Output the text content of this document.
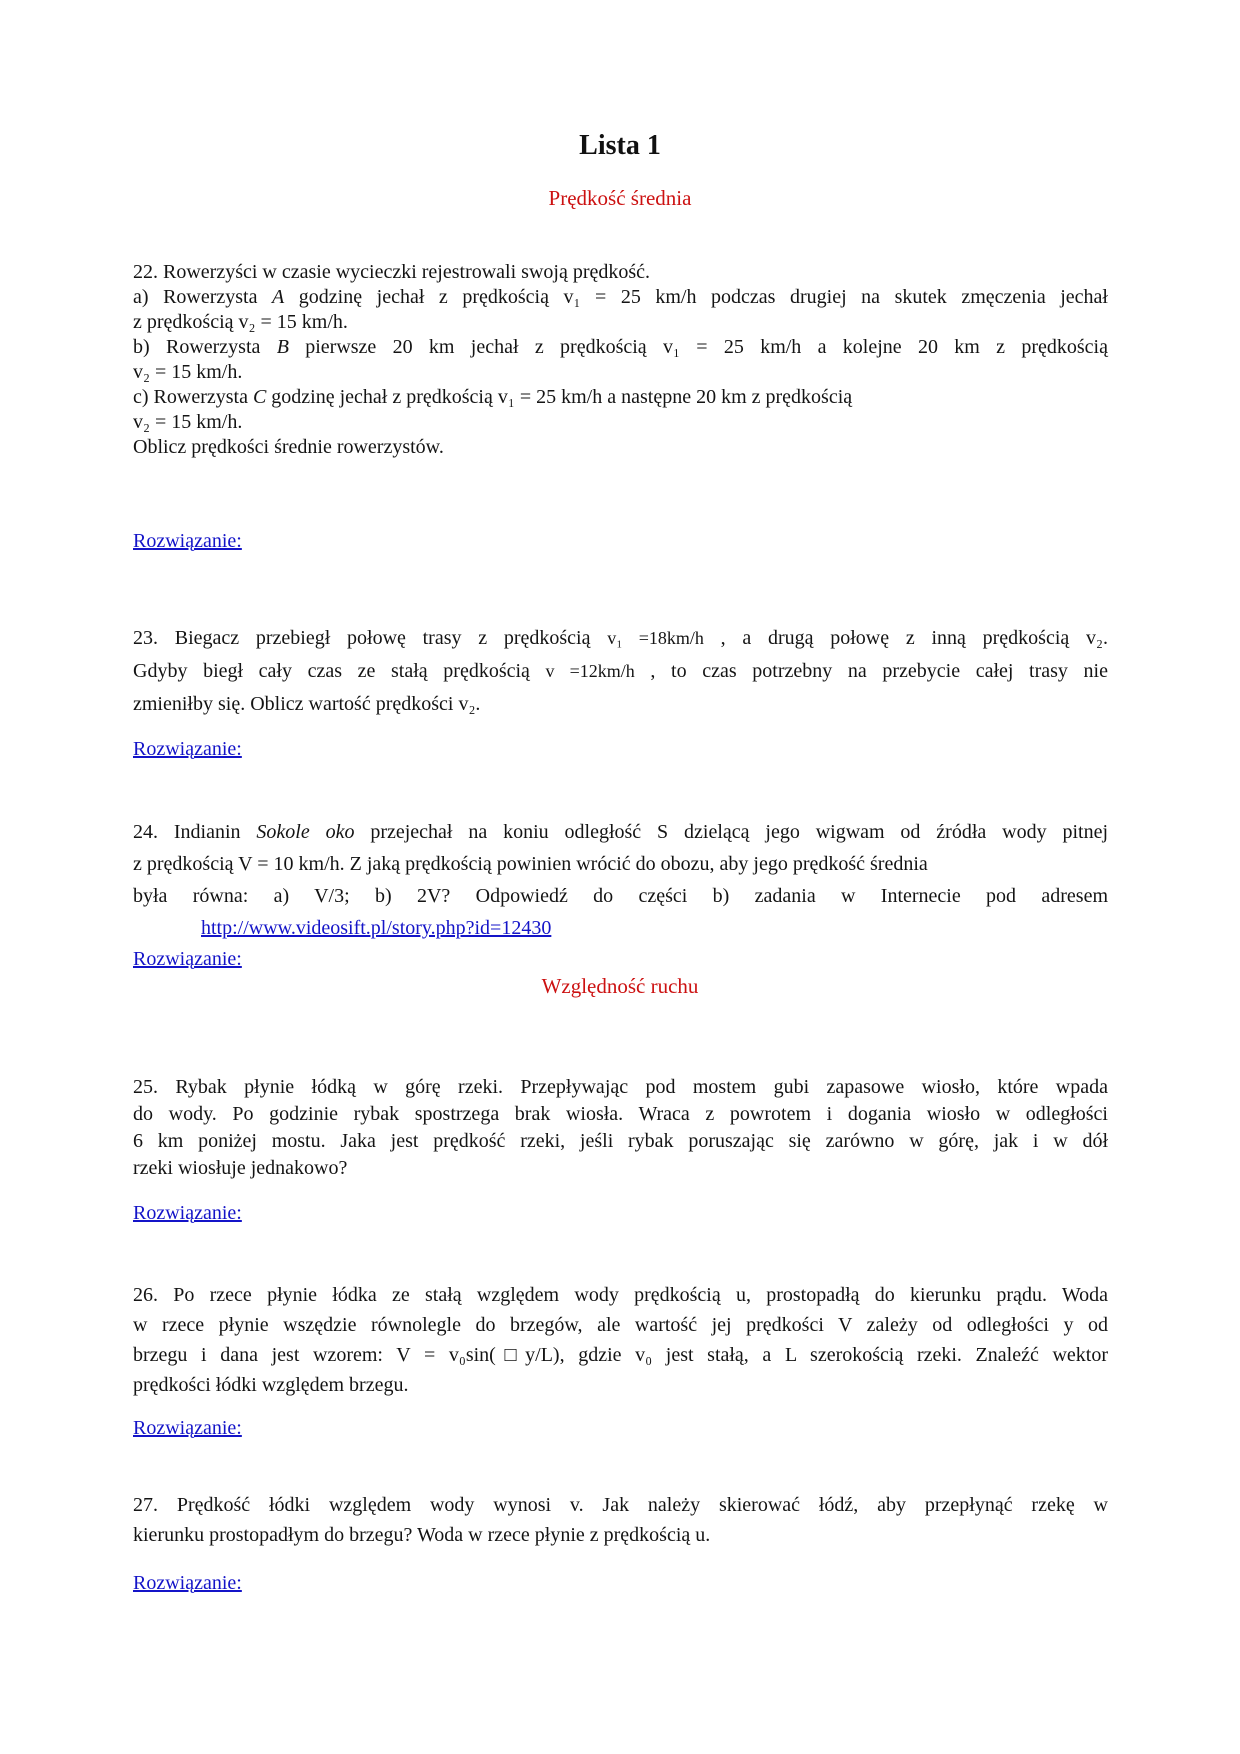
Lista 1
Prędkość średnia
22. Rowerzyści w czasie wycieczki rejestrowali swoją prędkość.
a) Rowerzysta A godzinę jechał z prędkością v₁ = 25 km/h podczas drugiej na skutek zmęczenia jechał
z prędkością v₂ = 15 km/h.
b) Rowerzysta B pierwsze 20 km jechał z prędkością v₁ = 25 km/h a kolejne 20 km z prędkością
v₂ = 15 km/h.
c) Rowerzysta C godzinę jechał z prędkością v₁ = 25 km/h a następne 20 km z prędkością
v₂ = 15 km/h.
Oblicz prędkości średnie rowerzystów.
Rozwiązanie:
23. Biegacz przebiegł połowę trasy z prędkością v₁ =18km/h , a drugą połowę z inną prędkością v₂.
Gdyby biegł cały czas ze stałą prędkością v =12km/h , to czas potrzebny na przebycie całej trasy nie
zmieniłby się. Oblicz wartość prędkości v₂.
Rozwiązanie:
24. Indianin Sokole oko przejechał na koniu odległość S dzielącą jego wigwam od źródła wody pitnej
z prędkością V = 10 km/h. Z jaką prędkością powinien wrócić do obozu, aby jego prędkość średnia
była równa: a) V/3; b) 2V? Odpowiedź do części b) zadania w Internecie pod adresem
http://www.videosift.pl/story.php?id=12430
Rozwiązanie:
Względność ruchu
25. Rybak płynie łódką w górę rzeki. Przepływając pod mostem gubi zapasowe wiosło, które wpada
do wody. Po godzinie rybak spostrzega brak wiosła. Wraca z powrotem i dogania wiosło w odległości
6 km poniżej mostu. Jaka jest prędkość rzeki, jeśli rybak poruszając się zarówno w górę, jak i w dół
rzeki wiosłuje jednakowo?
Rozwiązanie:
26. Po rzece płynie łódka ze stałą względem wody prędkością u, prostopadłą do kierunku prądu. Woda
w rzece płynie wszędzie równolegle do brzegów, ale wartość jej prędkości V zależy od odległości y od
brzegu i dana jest wzorem: V = v₀sin(□y/L), gdzie v₀ jest stałą, a L szerokością rzeki. Znaleźć wektor
prędkości łódki względem brzegu.
Rozwiązanie:
27. Prędkość łódki względem wody wynosi v. Jak należy skierować łódź, aby przepłynąć rzekę w
kierunku prostopadłym do brzegu? Woda w rzece płynie z prędkością u.
Rozwiązanie:
